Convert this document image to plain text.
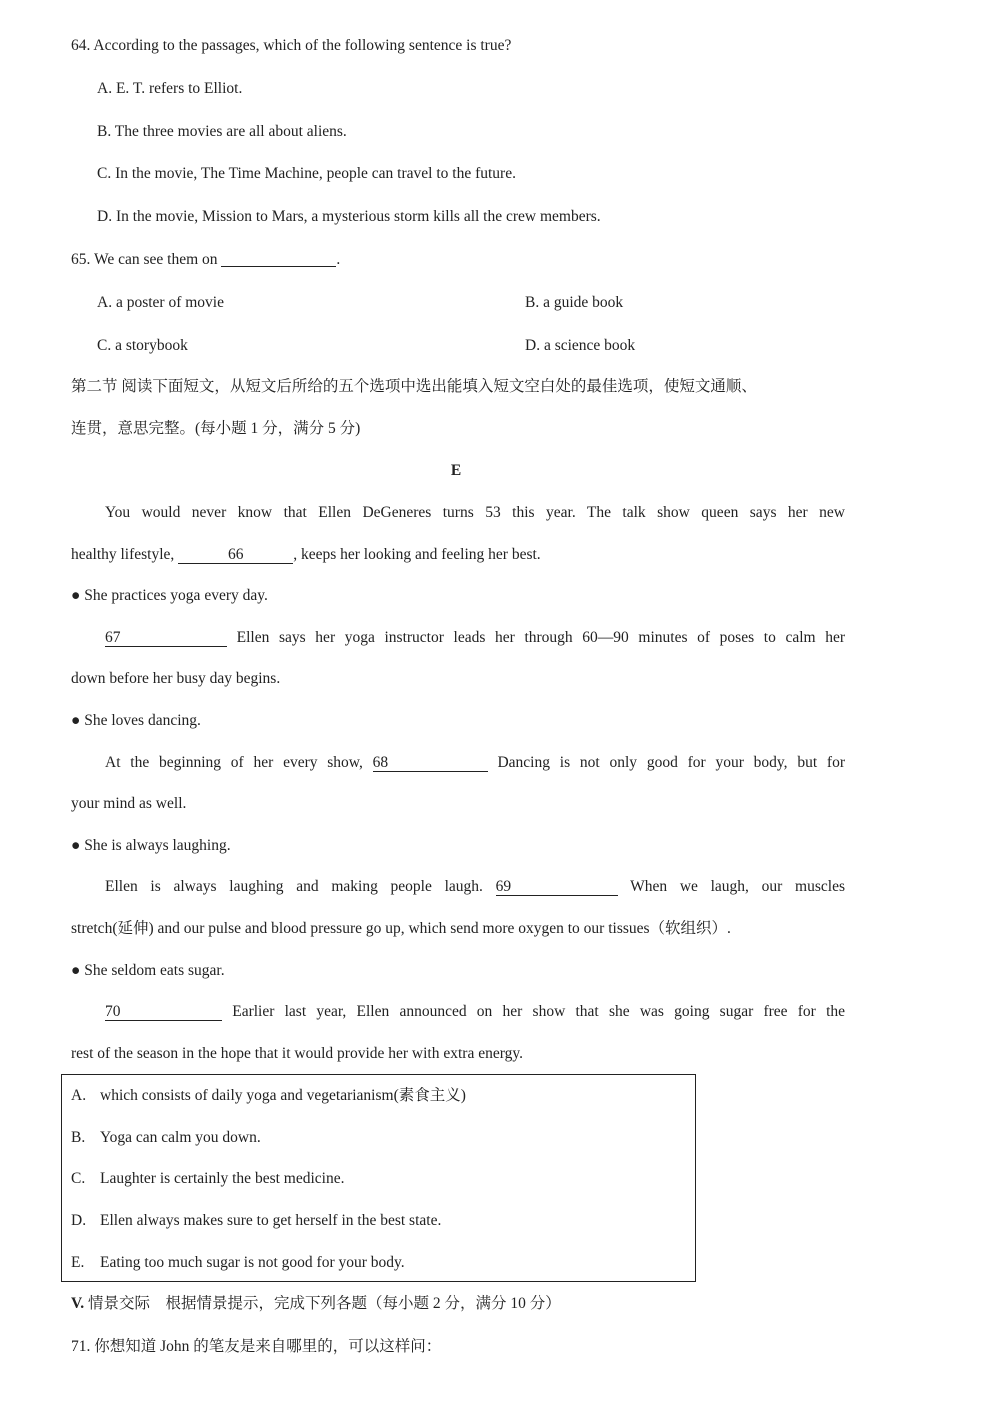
64. According to the passages, which of the following sentence is true?
A. E. T. refers to Elliot.
B. The three movies are all about aliens.
C. In the movie, The Time Machine, people can travel to the future.
D. In the movie, Mission to Mars, a mysterious storm kills all the crew members.
65. We can see them on	.
A. a poster of movie	B. a guide book
C. a storybook	D. a science book
第二节 阅读下面短文，从短文后所给的五个选项中选出能填入短文空白处的最佳选项，使短文通顺、
连贯，意思完整。(每小题 1 分，满分 5 分)
E
You would never know that Ellen DeGeneres turns 53 this year. The talk show queen says her new
healthy lifestyle,	66	, keeps her looking and feeling her best.
● She practices yoga every day.
67	Ellen says her yoga instructor leads her through 60—90 minutes of poses to calm her
down before her busy day begins.
● She loves dancing.
At the beginning of her every show, 68	Dancing is not only good for your body, but for
your mind as well.
● She is always laughing.
Ellen is always laughing and making people laugh. 69	When we laugh, our muscles
stretch(延伸) and our pulse and blood pressure go up, which send more oxygen to our tissues（软组织）.
● She seldom eats sugar.
70	Earlier last year, Ellen announced on her show that she was going sugar free for the
rest of the season in the hope that it would provide her with extra energy.
A. which consists of daily yoga and vegetarianism(素食主义)
B. Yoga can calm you down.
C. Laughter is certainly the best medicine.
D. Ellen always makes sure to get herself in the best state.
E. Eating too much sugar is not good for your body.
V. 情景交际　根据情景提示，完成下列各题（每小题 2 分，满分 10 分）
71. 你想知道 John 的笔友是来自哪里的，可以这样问：
